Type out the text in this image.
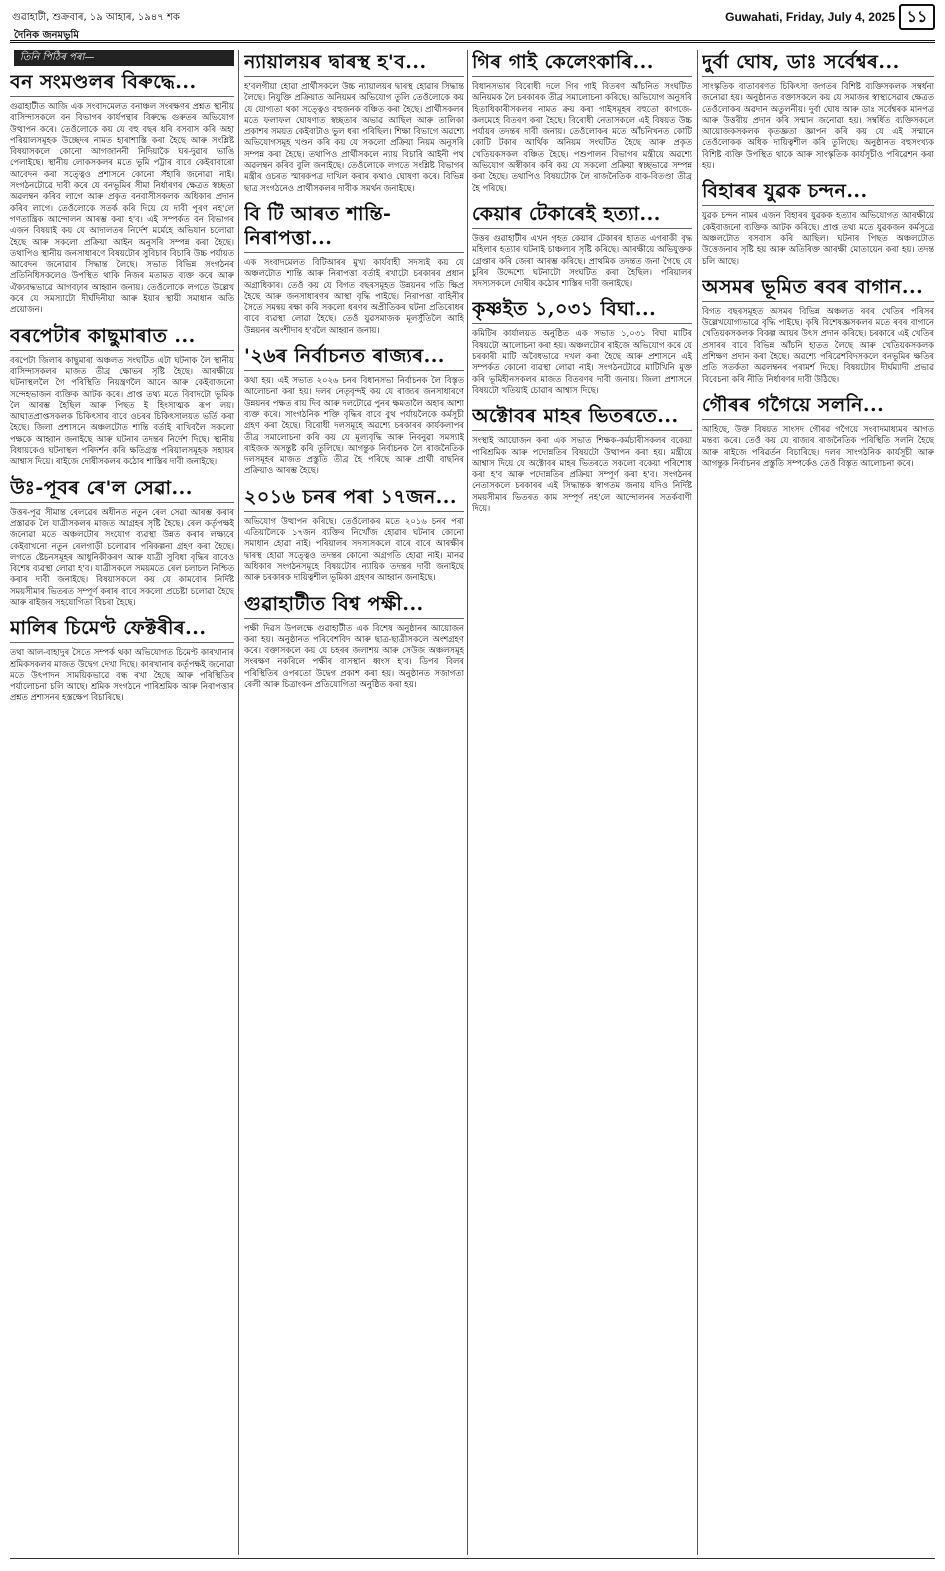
গুৱাহাটী, শুক্ৰবাৰ, ১৯ আহাৰ, ১৯৪৭ শক	Guwahati, Friday, July 4, 2025 ১১
দৈনিক জনমভূমি
তিনি পিঠিৰ পৰা—
বন সংমণ্ডলৰ বিৰুদ্ধে...

গুৱাহাটীত আজি এক সংবাদমেলত বনাঞ্চল সংৰক্ষণৰ প্ৰশ্নত স্থানীয় বাসিন্দাসকলে বন বিভাগৰ কাৰ্যপন্থাৰ বিৰুদ্ধে গুৰুতৰ অভিযোগ উত্থাপন কৰে। তেওঁলোকে কয় যে বহু বছৰ ধৰি বসবাস কৰি অহা পৰিয়ালসমূহক উচ্ছেদৰ নামত হাৰাশাস্তি কৰা হৈছে আৰু সংশ্লিষ্ট বিষয়াসকলে কোনো আগজাননী নিদিয়াকৈ ঘৰ-দুৱাৰ ভাঙি পেলাইছে। স্থানীয় লোকসকলৰ মতে ভূমি পট্টাৰ বাবে কেইবাবাৰো আবেদন কৰা সত্ত্বেও প্ৰশাসনে কোনো সঁহাৰি জনোৱা নাই। সংগঠনটোৱে দাবী কৰে যে বনভূমিৰ সীমা নিৰ্ধাৰণৰ ক্ষেত্ৰত স্বচ্ছতা অৱলম্বন কৰিব লাগে আৰু প্ৰকৃত বনবাসীসকলক অধিকাৰ প্ৰদান কৰিব লাগে। তেওঁলোকে সতৰ্ক কৰি দিয়ে যে দাবী পূৰণ নহ'লে গণতান্ত্ৰিক আন্দোলন আৰম্ভ কৰা হ'ব। এই সম্পৰ্কত বন বিভাগৰ এজন বিষয়াই কয় যে আদালতৰ নিৰ্দেশ মৰ্মেহে অভিযান চলোৱা হৈছে আৰু সকলো প্ৰক্ৰিয়া আইন অনুসৰি সম্পন্ন কৰা হৈছে। তথাপিও স্থানীয় জনসাধাৰণে বিষয়টোৰ সুবিচাৰ বিচাৰি উচ্চ পৰ্যায়ত আবেদন জনোৱাৰ সিদ্ধান্ত লৈছে। সভাত বিভিন্ন সংগঠনৰ প্ৰতিনিধিসকলেও উপস্থিত থাকি নিজৰ মতামত ব্যক্ত কৰে আৰু ঐক্যবদ্ধভাৱে আগবঢ়াৰ আহ্বান জনায়। তেওঁলোকে লগতে উল্লেখ কৰে যে সমস্যাটো দীৰ্ঘদিনীয়া আৰু ইয়াৰ স্থায়ী সমাধান অতি প্ৰয়োজন।

বৰপেটাৰ কাছুমাৰাত ...

বৰপেটা জিলাৰ কাছুমাৰা অঞ্চলত সংঘটিত এটা ঘটনাক লৈ স্থানীয় বাসিন্দাসকলৰ মাজত তীব্ৰ ক্ষোভৰ সৃষ্টি হৈছে। আৰক্ষীয়ে ঘটনাস্থললৈ গৈ পৰিস্থিতি নিয়ন্ত্ৰণলৈ আনে আৰু কেইবাজনো সন্দেহভাজন ব্যক্তিক আটক কৰে। প্ৰাপ্ত তথ্য মতে বিবাদটো ভূমিক লৈ আৰম্ভ হৈছিল আৰু পিছত ই হিংসাত্মক ৰূপ লয়। আঘাতপ্ৰাপ্তসকলক চিকিৎসাৰ বাবে ওচৰৰ চিকিৎসালয়ত ভৰ্তি কৰা হৈছে। জিলা প্ৰশাসনে অঞ্চলটোত শান্তি বৰ্তাই ৰাখিবলৈ সকলো পক্ষকে আহ্বান জনাইছে আৰু ঘটনাৰ তদন্তৰ নিৰ্দেশ দিছে। স্থানীয় বিধায়কেও ঘটনাস্থল পৰিদৰ্শন কৰি ক্ষতিগ্ৰস্ত পৰিয়ালসমূহক সহায়ৰ আশ্বাস দিয়ে। ৰাইজে দোষীসকলৰ কঠোৰ শাস্তিৰ দাবী জনাইছে।

উঃ-পূবৰ ৰে'ল সেৱা...

উত্তৰ-পূৱ সীমান্ত ৰেলৱেৰ অধীনত নতুন ৰেল সেৱা আৰম্ভ কৰাৰ প্ৰস্তাৱক লৈ যাত্ৰীসকলৰ মাজত আগ্ৰহৰ সৃষ্টি হৈছে। ৰেল কৰ্তৃপক্ষই জনোৱা মতে অঞ্চলটোৰ সংযোগ ব্যৱস্থা উন্নত কৰাৰ লক্ষ্যৰে কেইবাখনো নতুন ৰেলগাড়ী চলোৱাৰ পৰিকল্পনা গ্ৰহণ কৰা হৈছে। লগতে ষ্টেচনসমূহৰ আধুনিকীকৰণ আৰু যাত্ৰী সুবিধা বৃদ্ধিৰ বাবেও বিশেষ ব্যৱস্থা লোৱা হ'ব। যাত্ৰীসকলে সময়মতে ৰেল চলাচল নিশ্চিত কৰাৰ দাবী জনাইছে। বিষয়াসকলে কয় যে কামবোৰ নিৰ্দিষ্ট সময়সীমাৰ ভিতৰত সম্পূৰ্ণ কৰাৰ বাবে সকলো প্ৰচেষ্টা চলোৱা হৈছে আৰু ৰাইজৰ সহযোগিতা বিচৰা হৈছে।

মালিৰ চিমেণ্ট ফেক্টৰীৰ...

তথা আল-বাহাদুৰ সৈতে সম্পৰ্ক থকা অভিযোগত চিমেণ্ট কাৰখানাৰ শ্ৰমিকসকলৰ মাজত উদ্বেগ দেখা দিছে। কাৰখানাৰ কৰ্তৃপক্ষই জনোৱা মতে উৎপাদন সাময়িকভাৱে বন্ধ ৰখা হৈছে আৰু পৰিস্থিতিৰ পৰ্যালোচনা চলি আছে। শ্ৰমিক সংগঠনে পাৰিশ্ৰমিক আৰু নিৰাপত্তাৰ প্ৰশ্নত প্ৰশাসনৰ হস্তক্ষেপ বিচাৰিছে।

ন্যায়ালয়ৰ দ্বাৰস্থ হ'ব...

হ'বলগীয়া হোৱা প্ৰাৰ্থীসকলে উচ্চ ন্যায়ালয়ৰ দ্বাৰস্থ হোৱাৰ সিদ্ধান্ত লৈছে। নিযুক্তি প্ৰক্ৰিয়াত অনিয়মৰ অভিযোগ তুলি তেওঁলোকে কয় যে যোগ্যতা থকা সত্ত্বেও বহুজনক বঞ্চিত কৰা হৈছে। প্ৰাৰ্থীসকলৰ মতে ফলাফল ঘোষণাত স্বচ্ছতাৰ অভাৱ আছিল আৰু তালিকা প্ৰকাশৰ সময়ত কেইবাটাও ভুল ধৰা পৰিছিল। শিক্ষা বিভাগে অৱশ্যে অভিযোগসমূহ খণ্ডন কৰি কয় যে সকলো প্ৰক্ৰিয়া নিয়ম অনুসৰি সম্পন্ন কৰা হৈছে। তথাপিও প্ৰাৰ্থীসকলে ন্যায় বিচাৰি আইনী পথ অৱলম্বন কৰিব বুলি জনাইছে। তেওঁলোকে লগতে সংশ্লিষ্ট বিভাগৰ মন্ত্ৰীৰ ওচৰত স্মাৰকপত্ৰ দাখিল কৰাৰ কথাও ঘোষণা কৰে। বিভিন্ন ছাত্ৰ সংগঠনেও প্ৰাৰ্থীসকলৰ দাবীক সমৰ্থন জনাইছে।

বি টি আৰত শান্তি-নিৰাপত্তা...

এক সংবাদমেলত বিটিআৰৰ মুখ্য কাৰ্যবাহী সদস্যই কয় যে অঞ্চলটোত শান্তি আৰু নিৰাপত্তা বৰ্তাই ৰখাটো চৰকাৰৰ প্ৰধান অগ্ৰাধিকাৰ। তেওঁ কয় যে বিগত বছৰসমূহত উন্নয়নৰ গতি ক্ষিপ্ৰ হৈছে আৰু জনসাধাৰণৰ আস্থা বৃদ্ধি পাইছে। নিৰাপত্তা বাহিনীৰ সৈতে সমন্বয় ৰক্ষা কৰি সকলো ধৰণৰ অপ্ৰীতিকৰ ঘটনা প্ৰতিৰোধৰ বাবে ব্যৱস্থা লোৱা হৈছে। তেওঁ যুৱসমাজক মূলসুঁতিলৈ আহি উন্নয়নৰ অংশীদাৰ হ'বলৈ আহ্বান জনায়।

'২৬ৰ নিৰ্বাচনত ৰাজ্যৰ...

কথা হয়। এই সভাত ২০২৬ চনৰ বিধানসভা নিৰ্বাচনক লৈ বিস্তৃত আলোচনা কৰা হয়। দলৰ নেতৃবৃন্দই কয় যে ৰাজ্যৰ জনসাধাৰণে উন্নয়নৰ পক্ষত ৰায় দিব আৰু দলটোৱে পুনৰ ক্ষমতালৈ অহাৰ আশা ব্যক্ত কৰে। সাংগঠনিক শক্তি বৃদ্ধিৰ বাবে বুথ পৰ্যায়লৈকে কৰ্মসূচী গ্ৰহণ কৰা হৈছে। বিৰোধী দলসমূহে অৱশ্যে চৰকাৰৰ কাৰ্যকলাপৰ তীব্ৰ সমালোচনা কৰি কয় যে মূল্যবৃদ্ধি আৰু নিবনুৱা সমস্যাই ৰাইজক অসন্তুষ্ট কৰি তুলিছে। আগন্তুক নিৰ্বাচনক লৈ ৰাজনৈতিক দলসমূহৰ মাজত প্ৰস্তুতি তীব্ৰ হৈ পৰিছে আৰু প্ৰাৰ্থী বাছনিৰ প্ৰক্ৰিয়াও আৰম্ভ হৈছে।

২০১৬ চনৰ পৰা ১৭জন...

অভিযোগ উত্থাপন কৰিছে। তেওঁলোকৰ মতে ২০১৬ চনৰ পৰা এতিয়ালৈকে ১৭জন ব্যক্তিৰ নিখোঁজ হোৱাৰ ঘটনাৰ কোনো সমাধান হোৱা নাই। পৰিয়ালৰ সদস্যসকলে বাৰে বাৰে আৰক্ষীৰ দ্বাৰস্থ হোৱা সত্ত্বেও তদন্তৰ কোনো অগ্ৰগতি হোৱা নাই। মানৱ অধিকাৰ সংগঠনসমূহে বিষয়টোৰ ন্যায়িক তদন্তৰ দাবী জনাইছে আৰু চৰকাৰক দায়িত্বশীল ভূমিকা গ্ৰহণৰ আহ্বান জনাইছে।

গুৱাহাটীত বিশ্ব পক্ষী...

পক্ষী দিৱস উপলক্ষে গুৱাহাটীত এক বিশেষ অনুষ্ঠানৰ আয়োজন কৰা হয়। অনুষ্ঠানত পৰিবেশবিদ আৰু ছাত্ৰ-ছাত্ৰীসকলে অংশগ্ৰহণ কৰে। বক্তাসকলে কয় যে চহৰৰ জলাশয় আৰু সেউজ অঞ্চলসমূহ সংৰক্ষণ নকৰিলে পক্ষীৰ বাসস্থান ধ্বংস হ'ব। ডিপৰ বিলৰ পৰিস্থিতিৰ ওপৰতো উদ্বেগ প্ৰকাশ কৰা হয়। অনুষ্ঠানত সজাগতা ৰেলী আৰু চিত্ৰাংকন প্ৰতিযোগিতা অনুষ্ঠিত কৰা হয়।

গিৰ গাই কেলেংকাৰি...

বিধানসভাৰ বিৰোধী দলে গিৰ গাই বিতৰণ আঁচনিত সংঘটিত অনিয়মক লৈ চৰকাৰক তীব্ৰ সমালোচনা কৰিছে। অভিযোগ অনুসৰি হিতাধিকাৰীসকলৰ নামত ক্ৰয় কৰা গাইসমূহৰ বহুতো কাগজে-কলমেহে বিতৰণ কৰা হৈছে। বিৰোধী নেতাসকলে এই বিষয়ত উচ্চ পৰ্যায়ৰ তদন্তৰ দাবী জনায়। তেওঁলোকৰ মতে আঁচনিখনত কোটি কোটি টকাৰ আৰ্থিক অনিয়ম সংঘটিত হৈছে আৰু প্ৰকৃত খেতিয়কসকল বঞ্চিত হৈছে। পশুপালন বিভাগৰ মন্ত্ৰীয়ে অৱশ্যে অভিযোগ অস্বীকাৰ কৰি কয় যে সকলো প্ৰক্ৰিয়া স্বচ্ছভাৱে সম্পন্ন কৰা হৈছে। তথাপিও বিষয়টোক লৈ ৰাজনৈতিক বাক-বিতণ্ডা তীব্ৰ হৈ পৰিছে।

কেয়াৰ টেকাৰেই হত্যা...

উত্তৰ গুৱাহাটীৰ এখন গৃহত কেয়াৰ টেকাৰৰ হাতত এগৰাকী বৃদ্ধ মহিলাৰ হত্যাৰ ঘটনাই চাঞ্চল্যৰ সৃষ্টি কৰিছে। আৰক্ষীয়ে অভিযুক্তক গ্ৰেপ্তাৰ কৰি জেৰা আৰম্ভ কৰিছে। প্ৰাথমিক তদন্তত জনা গৈছে যে চুৰিৰ উদ্দেশ্যে ঘটনাটো সংঘটিত কৰা হৈছিল। পৰিয়ালৰ সদস্যসকলে দোষীৰ কঠোৰ শাস্তিৰ দাবী জনাইছে।

কৃষ্ণইত ১,০৩১ বিঘা...

কমিটিৰ কাৰ্যালয়ত অনুষ্ঠিত এক সভাত ১,০৩১ বিঘা মাটিৰ বিষয়টো আলোচনা কৰা হয়। অঞ্চলটোৰ ৰাইজে অভিযোগ কৰে যে চৰকাৰী মাটি অবৈধভাৱে দখল কৰা হৈছে আৰু প্ৰশাসনে এই সম্পৰ্কত কোনো ব্যৱস্থা লোৱা নাই। সংগঠনটোৱে মাটিখিনি মুক্ত কৰি ভূমিহীনসকলৰ মাজত বিতৰণৰ দাবী জনায়। জিলা প্ৰশাসনে বিষয়টো খতিয়াই চোৱাৰ আশ্বাস দিছে।

অক্টোবৰ মাহৰ ভিতৰতে...

সংস্থাই আয়োজন কৰা এক সভাত শিক্ষক-কৰ্মচাৰীসকলৰ বকেয়া পাৰিশ্ৰমিক আৰু পদোন্নতিৰ বিষয়টো উত্থাপন কৰা হয়। মন্ত্ৰীয়ে আশ্বাস দিয়ে যে অক্টোবৰ মাহৰ ভিতৰতে সকলো বকেয়া পৰিশোধ কৰা হ'ব আৰু পদোন্নতিৰ প্ৰক্ৰিয়া সম্পূৰ্ণ কৰা হ'ব। সংগঠনৰ নেতাসকলে চৰকাৰৰ এই সিদ্ধান্তক স্বাগতম জনায় যদিও নিৰ্দিষ্ট সময়সীমাৰ ভিতৰত কাম সম্পূৰ্ণ নহ'লে আন্দোলনৰ সতৰ্কবাণী দিয়ে।

দুৰ্বা ঘোষ, ডাঃ সৰ্বেশ্বৰ...

সাংস্কৃতিক বাতাবৰণত চিকিৎসা জগতৰ বিশিষ্ট ব্যক্তিসকলক সম্বৰ্ধনা জনোৱা হয়। অনুষ্ঠানত বক্তাসকলে কয় যে সমাজৰ স্বাস্থ্যসেৱাৰ ক্ষেত্ৰত তেওঁলোকৰ অৱদান অতুলনীয়। দুৰ্বা ঘোষ আৰু ডাঃ সৰ্বেশ্বৰক মানপত্ৰ আৰু উত্তৰীয় প্ৰদান কৰি সন্মান জনোৱা হয়। সম্বৰ্ধিত ব্যক্তিসকলে আয়োজকসকলক কৃতজ্ঞতা জ্ঞাপন কৰি কয় যে এই সন্মানে তেওঁলোকক অধিক দায়িত্বশীল কৰি তুলিছে। অনুষ্ঠানত বহুসংখ্যক বিশিষ্ট ব্যক্তি উপস্থিত থাকে আৰু সাংস্কৃতিক কাৰ্যসূচীও পৰিৱেশন কৰা হয়।

বিহাৰৰ যুৱক চন্দন...

যুৱক চন্দন নামৰ এজন বিহাৰৰ যুৱকক হত্যাৰ অভিযোগত আৰক্ষীয়ে কেইবাজনো ব্যক্তিক আটক কৰিছে। প্ৰাপ্ত তথ্য মতে যুৱকজন কৰ্মসূত্ৰে অঞ্চলটোত বসবাস কৰি আছিল। ঘটনাৰ পিছত অঞ্চলটোত উত্তেজনাৰ সৃষ্টি হয় আৰু অতিৰিক্ত আৰক্ষী মোতায়েন কৰা হয়। তদন্ত চলি আছে।

অসমৰ ভূমিত ৰবৰ বাগান...

বিগত বছৰসমূহত অসমৰ বিভিন্ন অঞ্চলত ৰবৰ খেতিৰ পৰিসৰ উল্লেখযোগ্যভাৱে বৃদ্ধি পাইছে। কৃষি বিশেষজ্ঞসকলৰ মতে ৰবৰ বাগানে খেতিয়কসকলক বিকল্প আয়ৰ উৎস প্ৰদান কৰিছে। চৰকাৰে এই খেতিৰ প্ৰসাৰৰ বাবে বিভিন্ন আঁচনি হাতত লৈছে আৰু খেতিয়কসকলক প্ৰশিক্ষণ প্ৰদান কৰা হৈছে। অৱশ্যে পৰিৱেশবিদসকলে বনভূমিৰ ক্ষতিৰ প্ৰতি সতৰ্কতা অৱলম্বনৰ পৰামৰ্শ দিছে। বিষয়টোৰ দীৰ্ঘম্যাদী প্ৰভাৱ বিবেচনা কৰি নীতি নিৰ্ধাৰণৰ দাবী উঠিছে।

গৌৰৰ গগৈয়ে সলনি...

আহিছে, উক্ত বিষয়ত সাংসদ গৌৰৱ গগৈয়ে সংবাদমাধ্যমৰ আগত মন্তব্য কৰে। তেওঁ কয় যে ৰাজ্যৰ ৰাজনৈতিক পৰিস্থিতি সলনি হৈছে আৰু ৰাইজে পৰিৱৰ্তন বিচাৰিছে। দলৰ সাংগঠনিক কাৰ্যসূচী আৰু আগন্তুক নিৰ্বাচনৰ প্ৰস্তুতি সম্পৰ্কেও তেওঁ বিস্তৃত আলোচনা কৰে।
